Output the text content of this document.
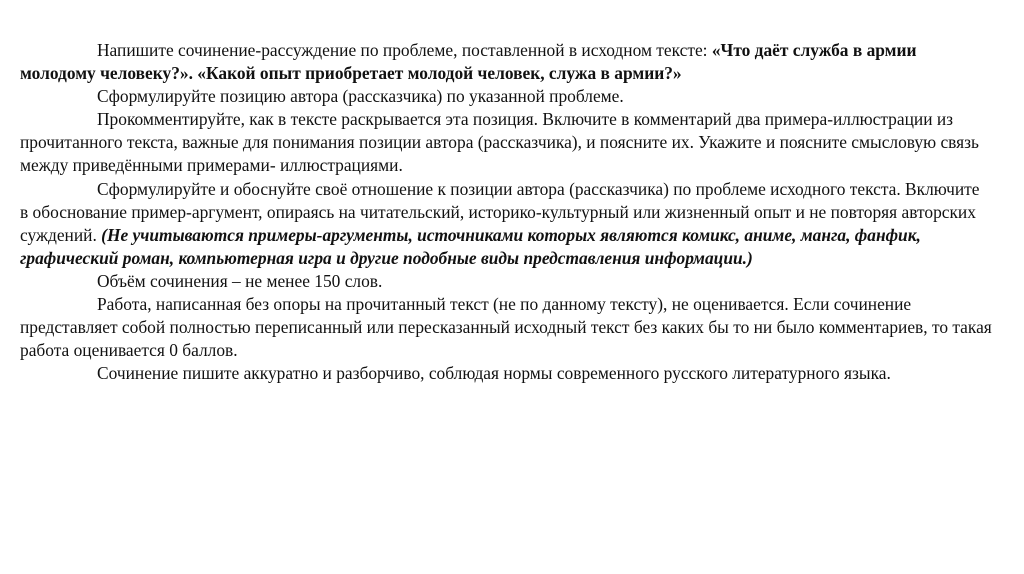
Напишите сочинение-рассуждение по проблеме, поставленной в исходном тексте: «Что даёт служба в армии молодому человеку?». «Какой опыт приобретает молодой человек, служа в армии?»

Сформулируйте позицию автора (рассказчика) по указанной проблеме.

Прокомментируйте, как в тексте раскрывается эта позиция. Включите в комментарий два примера-иллюстрации из прочитанного текста, важные для понимания позиции автора (рассказчика), и поясните их. Укажите и поясните смысловую связь между приведёнными примерами- иллюстрациями.

Сформулируйте и обоснуйте своё отношение к позиции автора (рассказчика) по проблеме исходного текста. Включите в обоснование пример-аргумент, опираясь на читательский, историко-культурный или жизненный опыт и не повторяя авторских суждений. (Не учитываются примеры-аргументы, источниками которых являются комикс, аниме, манга, фанфик, графический роман, компьютерная игра и другие подобные виды представления информации.)

Объём сочинения – не менее 150 слов.

Работа, написанная без опоры на прочитанный текст (не по данному тексту), не оценивается. Если сочинение представляет собой полностью переписанный или пересказанный исходный текст без каких бы то ни было комментариев, то такая работа оценивается 0 баллов.

Сочинение пишите аккуратно и разборчиво, соблюдая нормы современного русского литературного языка.
